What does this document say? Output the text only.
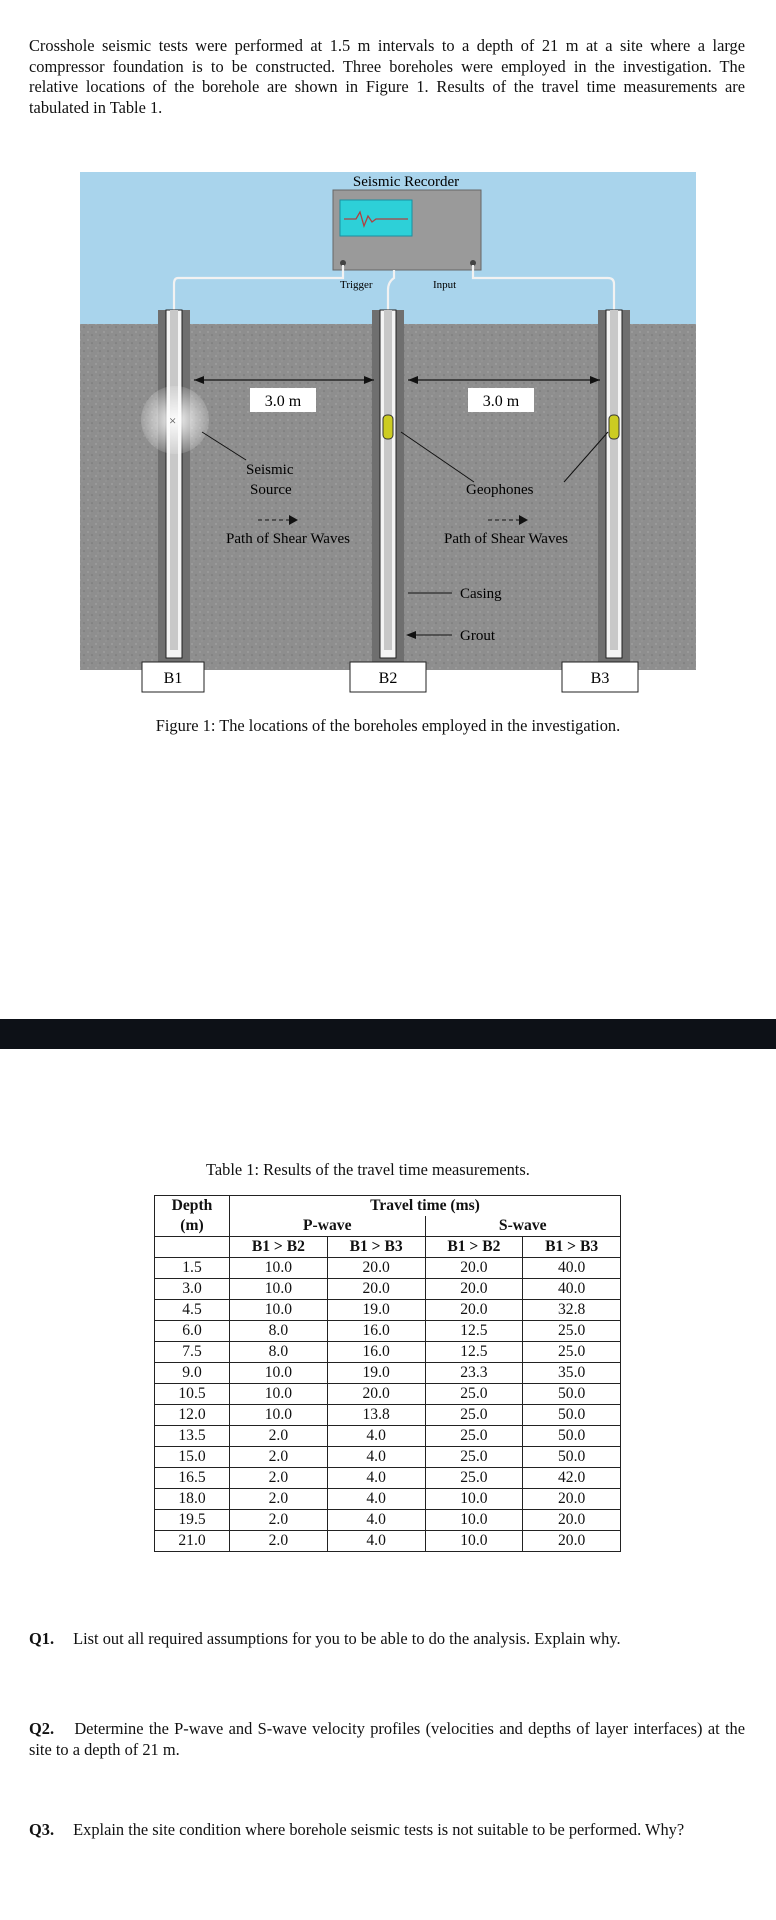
Crosshole seismic tests were performed at 1.5 m intervals to a depth of 21 m at a site where a large compressor foundation is to be constructed. Three boreholes were employed in the investigation. The relative locations of the borehole are shown in Figure 1. Results of the travel time measurements are tabulated in Table 1.

Seismic Recorder
Trigger	Input
×
3.0 m	3.0 m
Seismic
Source	Geophones
Path of Shear Waves	Path of Shear Waves
Casing
Grout
B1	B2	B3
Figure 1: The locations of the boreholes employed in the investigation.
Table 1: Results of the travel time measurements.
Depth
(m)	Travel time (ms)			
	P-wave		S-wave	
	B1 > B2	B1 > B3	B1 > B2	B1 > B3
1.5	10.0	20.0	20.0	40.0
3.0	10.0	20.0	20.0	40.0
4.5	10.0	19.0	20.0	32.8
6.0	8.0	16.0	12.5	25.0
7.5	8.0	16.0	12.5	25.0
9.0	10.0	19.0	23.3	35.0
10.5	10.0	20.0	25.0	50.0
12.0	10.0	13.8	25.0	50.0
13.5	2.0	4.0	25.0	50.0
15.0	2.0	4.0	25.0	50.0
16.5	2.0	4.0	25.0	42.0
18.0	2.0	4.0	10.0	20.0
19.5	2.0	4.0	10.0	20.0
21.0	2.0	4.0	10.0	20.0

Q1. List out all required assumptions for you to be able to do the analysis. Explain why.

Q2. Determine the P-wave and S-wave velocity profiles (velocities and depths of layer interfaces) at the site to a depth of 21 m.

Q3. Explain the site condition where borehole seismic tests is not suitable to be performed. Why?
